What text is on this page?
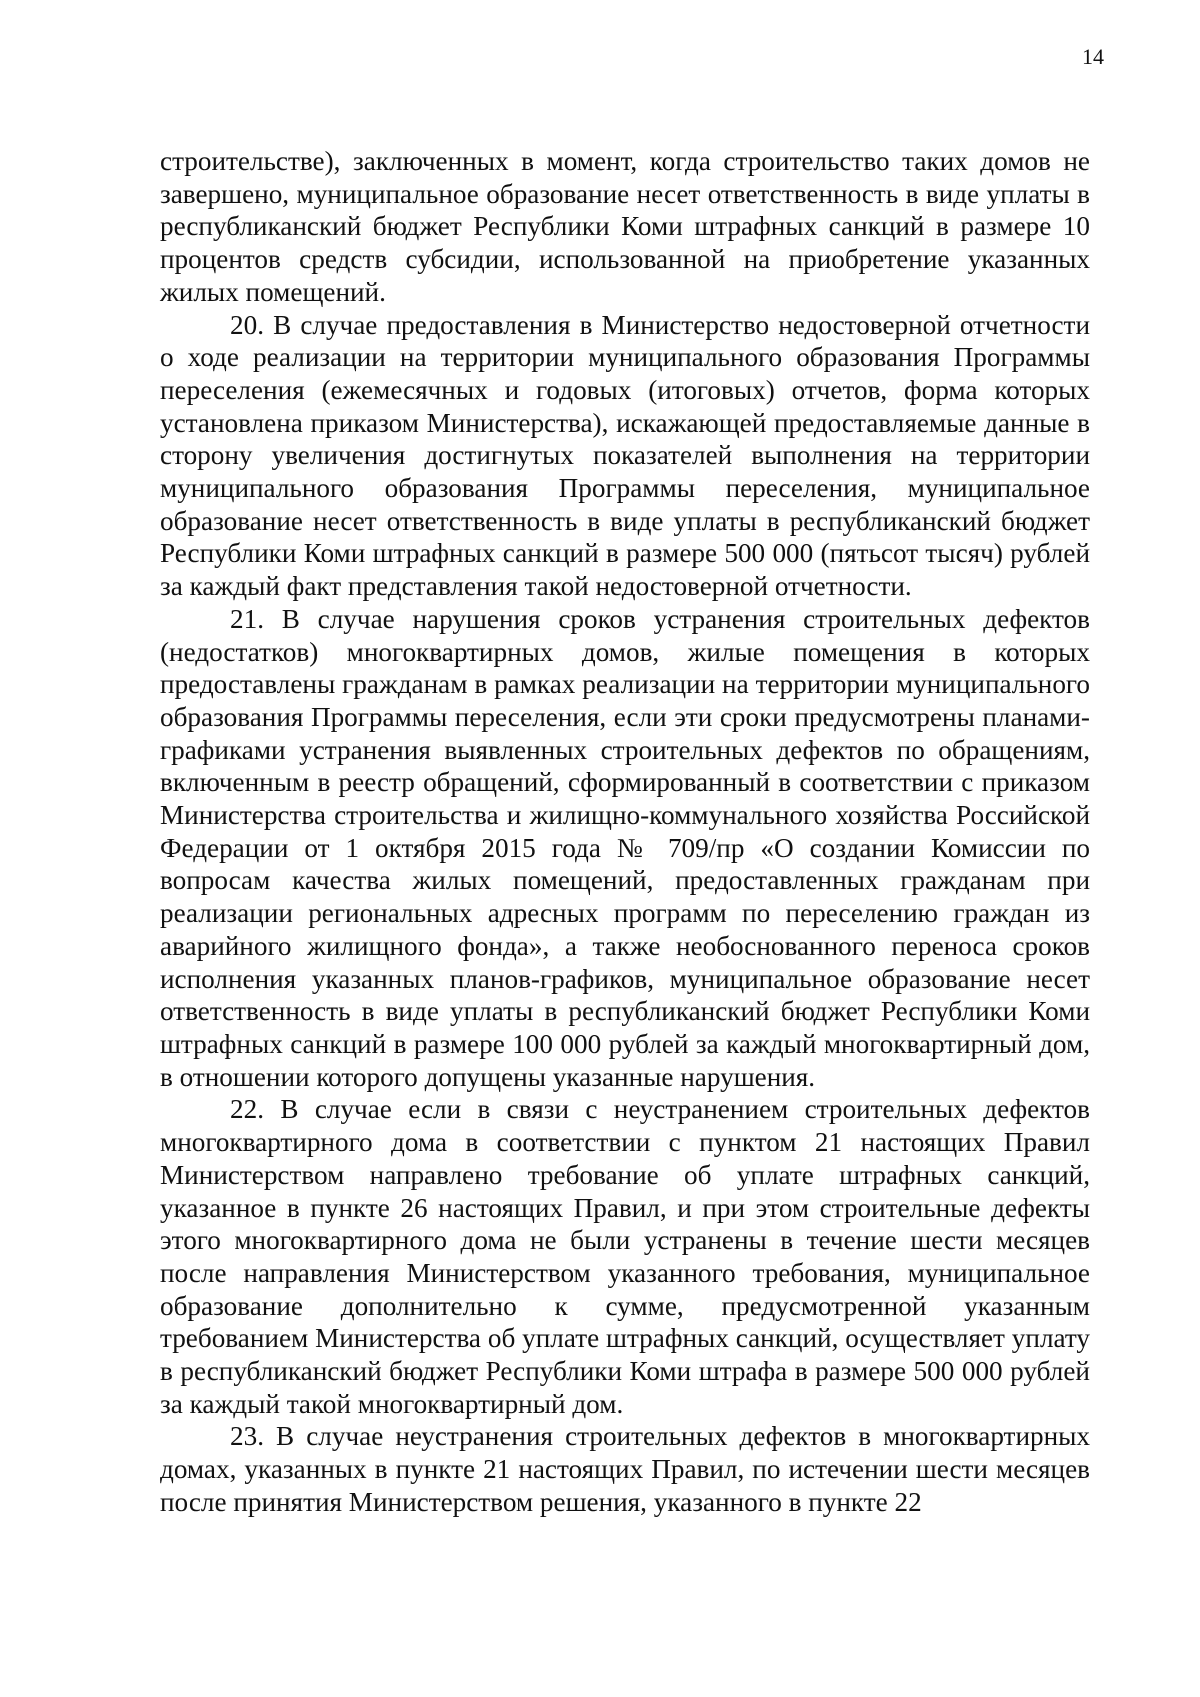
14

строительстве), заключенных в момент, когда строительство таких домов не завершено, муниципальное образование несет ответственность в виде уплаты в республиканский бюджет Республики Коми штрафных санкций в размере 10 процентов средств субсидии, использованной на приобретение указанных жилых помещений.

20. В случае предоставления в Министерство недостоверной отчетности о ходе реализации на территории муниципального образования Программы переселения (ежемесячных и годовых (итоговых) отчетов, форма которых установлена приказом Министерства), искажающей предоставляемые данные в сторону увеличения достигнутых показателей выполнения на территории муниципального образования Программы переселения, муниципальное образование несет ответственность в виде уплаты в республиканский бюджет Республики Коми штрафных санкций в размере 500 000 (пятьсот тысяч) рублей за каждый факт представления такой недостоверной отчетности.

21. В случае нарушения сроков устранения строительных дефектов (недостатков) многоквартирных домов, жилые помещения в которых предоставлены гражданам в рамках реализации на территории муниципального образования Программы переселения, если эти сроки предусмотрены планами-графиками устранения выявленных строительных дефектов по обращениям, включенным в реестр обращений, сформированный в соответствии с приказом Министерства строительства и жилищно-коммунального хозяйства Российской Федерации от 1 октября 2015 года № 709/пр «О создании Комиссии по вопросам качества жилых помещений, предоставленных гражданам при реализации региональных адресных программ по переселению граждан из аварийного жилищного фонда», а также необоснованного переноса сроков исполнения указанных планов-графиков, муниципальное образование несет ответственность в виде уплаты в республиканский бюджет Республики Коми штрафных санкций в размере 100 000 рублей за каждый многоквартирный дом, в отношении которого допущены указанные нарушения.

22. В случае если в связи с неустранением строительных дефектов многоквартирного дома в соответствии с пунктом 21 настоящих Правил Министерством направлено требование об уплате штрафных санкций, указанное в пункте 26 настоящих Правил, и при этом строительные дефекты этого многоквартирного дома не были устранены в течение шести месяцев после направления Министерством указанного требования, муниципальное образование дополнительно к сумме, предусмотренной указанным требованием Министерства об уплате штрафных санкций, осуществляет уплату в республиканский бюджет Республики Коми штрафа в размере 500 000 рублей за каждый такой многоквартирный дом.

23. В случае неустранения строительных дефектов в многоквартирных домах, указанных в пункте 21 настоящих Правил, по истечении шести месяцев после принятия Министерством решения, указанного в пункте 22
